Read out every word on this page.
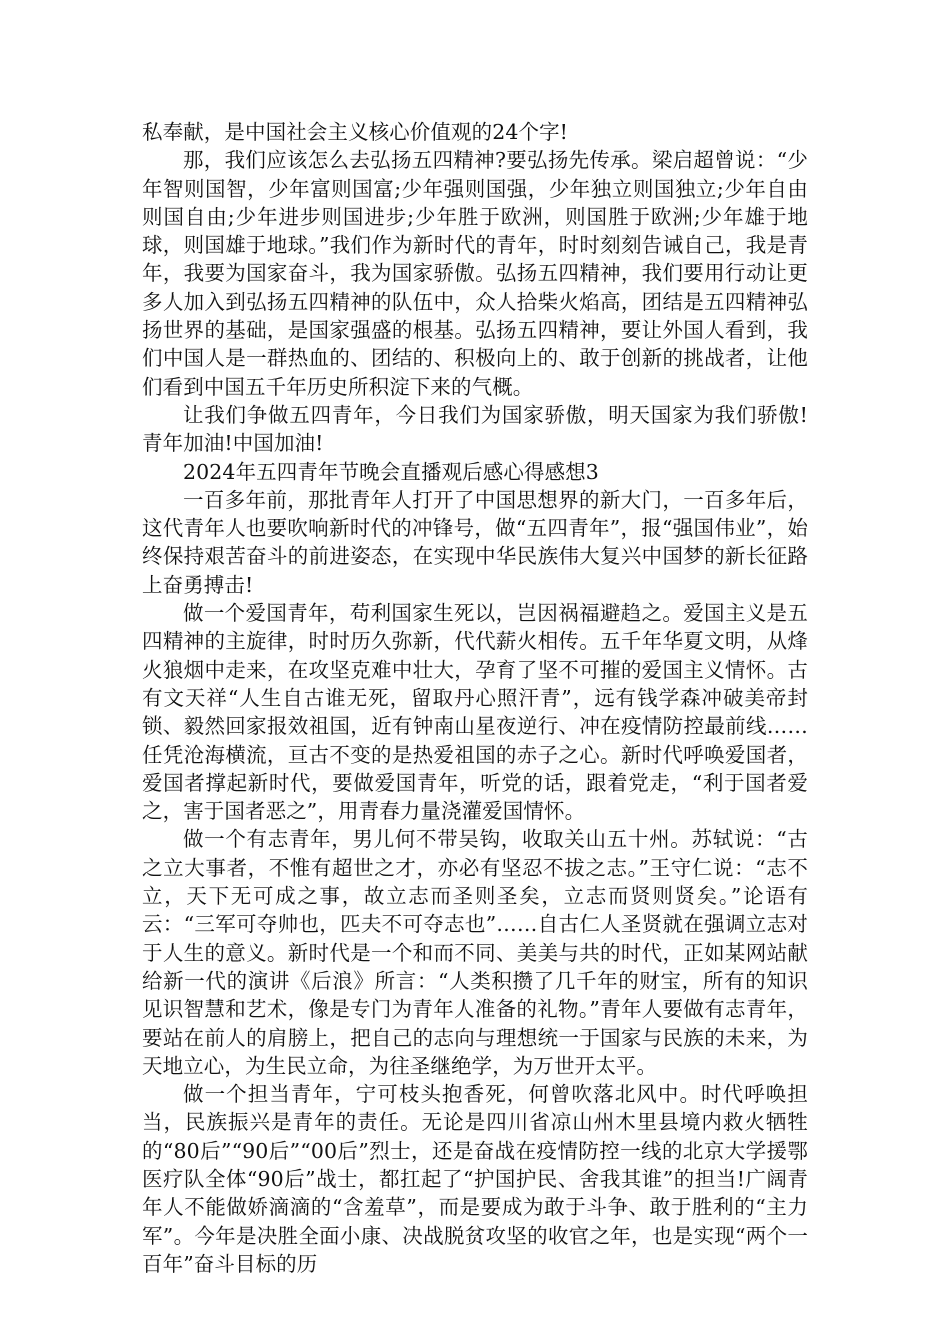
私奉献，是中国社会主义核心价值观的24个字!

那，我们应该怎么去弘扬五四精神?要弘扬先传承。梁启超曾说：“少年智则国智，少年富则国富;少年强则国强，少年独立则国独立;少年自由则国自由;少年进步则国进步;少年胜于欧洲，则国胜于欧洲;少年雄于地球，则国雄于地球。”我们作为新时代的青年，时时刻刻告诫自己，我是青年，我要为国家奋斗，我为国家骄傲。弘扬五四精神，我们要用行动让更多人加入到弘扬五四精神的队伍中，众人拾柴火焰高，团结是五四精神弘扬世界的基础，是国家强盛的根基。弘扬五四精神，要让外国人看到，我们中国人是一群热血的、团结的、积极向上的、敢于创新的挑战者，让他们看到中国五千年历史所积淀下来的气概。

让我们争做五四青年，今日我们为国家骄傲，明天国家为我们骄傲!青年加油!中国加油!

2024年五四青年节晚会直播观后感心得感想3

一百多年前，那批青年人打开了中国思想界的新大门，一百多年后，这代青年人也要吹响新时代的冲锋号，做“五四青年”，报“强国伟业”，始终保持艰苦奋斗的前进姿态，在实现中华民族伟大复兴中国梦的新长征路上奋勇搏击!

做一个爱国青年，苟利国家生死以，岂因祸福避趋之。爱国主义是五四精神的主旋律，时时历久弥新，代代薪火相传。五千年华夏文明，从烽火狼烟中走来，在攻坚克难中壮大，孕育了坚不可摧的爱国主义情怀。古有文天祥“人生自古谁无死，留取丹心照汗青”，远有钱学森冲破美帝封锁、毅然回家报效祖国，近有钟南山星夜逆行、冲在疫情防控最前线……任凭沧海横流，亘古不变的是热爱祖国的赤子之心。新时代呼唤爱国者，爱国者撑起新时代，要做爱国青年，听党的话，跟着党走，“利于国者爱之，害于国者恶之”，用青春力量浇灌爱国情怀。

做一个有志青年，男儿何不带吴钩，收取关山五十州。苏轼说：“古之立大事者，不惟有超世之才，亦必有坚忍不拔之志。”王守仁说：“志不立，天下无可成之事，故立志而圣则圣矣，立志而贤则贤矣。”论语有云：“三军可夺帅也，匹夫不可夺志也”……自古仁人圣贤就在强调立志对于人生的意义。新时代是一个和而不同、美美与共的时代，正如某网站献给新一代的演讲《后浪》所言：“人类积攒了几千年的财宝，所有的知识见识智慧和艺术，像是专门为青年人准备的礼物。”青年人要做有志青年，要站在前人的肩膀上，把自己的志向与理想统一于国家与民族的未来，为天地立心，为生民立命，为往圣继绝学，为万世开太平。

做一个担当青年，宁可枝头抱香死，何曾吹落北风中。时代呼唤担当，民族振兴是青年的责任。无论是四川省凉山州木里县境内救火牺牲的“80后”“90后”“00后”烈士，还是奋战在疫情防控一线的北京大学援鄂医疗队全体“90后”战士，都扛起了“护国护民、舍我其谁”的担当!广阔青年人不能做娇滴滴的“含羞草”，而是要成为敢于斗争、敢于胜利的“主力军”。今年是决胜全面小康、决战脱贫攻坚的收官之年，也是实现“两个一百年”奋斗目标的历
